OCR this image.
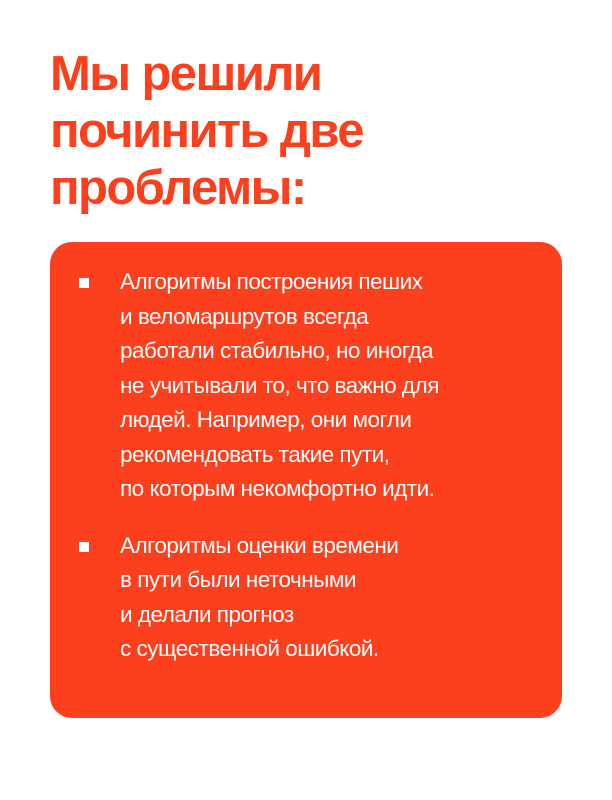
Мы решили
починить две
проблемы:
Алгоритмы построения пеших
и веломаршрутов всегда
работали стабильно, но иногда
не учитывали то, что важно для
людей. Например, они могли
рекомендовать такие пути,
по которым некомфортно идти.
Алгоритмы оценки времени
в пути были неточными
и делали прогноз
с существенной ошибкой.
